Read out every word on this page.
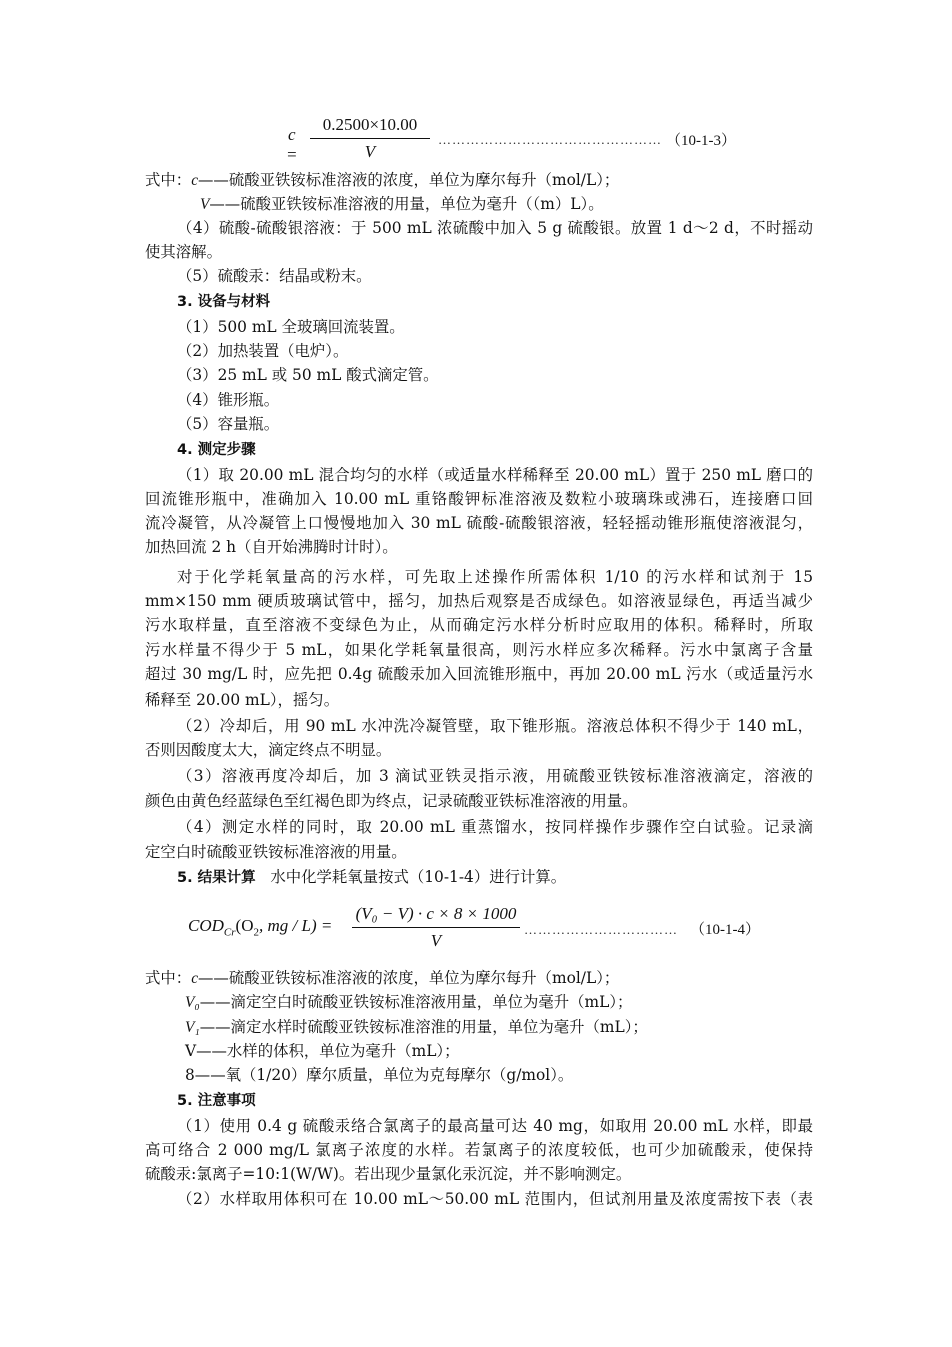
c =
0.2500×10.00
V
………………………………………… （10-1-3）
式中：c——硫酸亚铁铵标准溶液的浓度，单位为摩尔每升（mol/L）；
V——硫酸亚铁铵标准溶液的用量，单位为毫升（（m）L）。
（4）硫酸-硫酸银溶液：于 500 mL 浓硫酸中加入 5 g 硫酸银。放置 1 d～2 d，不时摇动
使其溶解。
（5）硫酸汞：结晶或粉末。
3. 设备与材料
（1）500 mL 全玻璃回流装置。
（2）加热装置（电炉）。
（3）25 mL 或 50 mL 酸式滴定管。
（4）锥形瓶。
（5）容量瓶。
4. 测定步骤
（1）取 20.00 mL 混合均匀的水样（或适量水样稀释至 20.00 mL）置于 250 mL 磨口的
回流锥形瓶中，准确加入 10.00 mL 重铬酸钾标准溶液及数粒小玻璃珠或沸石，连接磨口回
流冷凝管，从冷凝管上口慢慢地加入 30 mL 硫酸-硫酸银溶液，轻轻摇动锥形瓶使溶液混匀，
加热回流 2 h（自开始沸腾时计时）。
对于化学耗氧量高的污水样，可先取上述操作所需体积 1/10 的污水样和试剂于 15
mm×150 mm 硬质玻璃试管中，摇匀，加热后观察是否成绿色。如溶液显绿色，再适当减少
污水取样量，直至溶液不变绿色为止，从而确定污水样分析时应取用的体积。稀释时，所取
污水样量不得少于 5 mL，如果化学耗氧量很高，则污水样应多次稀释。污水中氯离子含量
超过 30 mg/L 时，应先把 0.4g 硫酸汞加入回流锥形瓶中，再加 20.00 mL 污水（或适量污水
稀释至 20.00 mL），摇匀。
（2）冷却后，用 90 mL 水冲洗冷凝管壁，取下锥形瓶。溶液总体积不得少于 140 mL，
否则因酸度太大，滴定终点不明显。
（3）溶液再度冷却后，加 3 滴试亚铁灵指示液，用硫酸亚铁铵标准溶液滴定，溶液的
颜色由黄色经蓝绿色至红褐色即为终点，记录硫酸亚铁标准溶液的用量。
（4）测定水样的同时，取 20.00 mL 重蒸馏水，按同样操作步骤作空白试验。记录滴
定空白时硫酸亚铁铵标准溶液的用量。
5. 结果计算 水中化学耗氧量按式（10-1-4）进行计算。
$COD_{Cr}(O_2$, mg / L) =
(V₀ − V) · c × 8 × 1000
V
…………………………… （10-1-4）
式中：c——硫酸亚铁铵标准溶液的浓度，单位为摩尔每升（mol/L）；
V₀——滴定空白时硫酸亚铁铵标准溶液用量，单位为毫升（mL）；
V₁——滴定水样时硫酸亚铁铵标准溶淮的用量，单位为毫升（mL）；
V——水样的体积，单位为毫升（mL）；
8——氧（1/20）摩尔质量，单位为克每摩尔（g/mol）。
5. 注意事项
（1）使用 0.4 g 硫酸汞络合氯离子的最高量可达 40 mg，如取用 20.00 mL 水样，即最
高可络合 2 000 mg/L 氯离子浓度的水样。若氯离子的浓度较低，也可少加硫酸汞，使保持
硫酸汞:氯离子=10:1(W/W)。若出现少量氯化汞沉淀，并不影响测定。
（2）水样取用体积可在 10.00 mL～50.00 mL 范围内，但试剂用量及浓度需按下表（表
